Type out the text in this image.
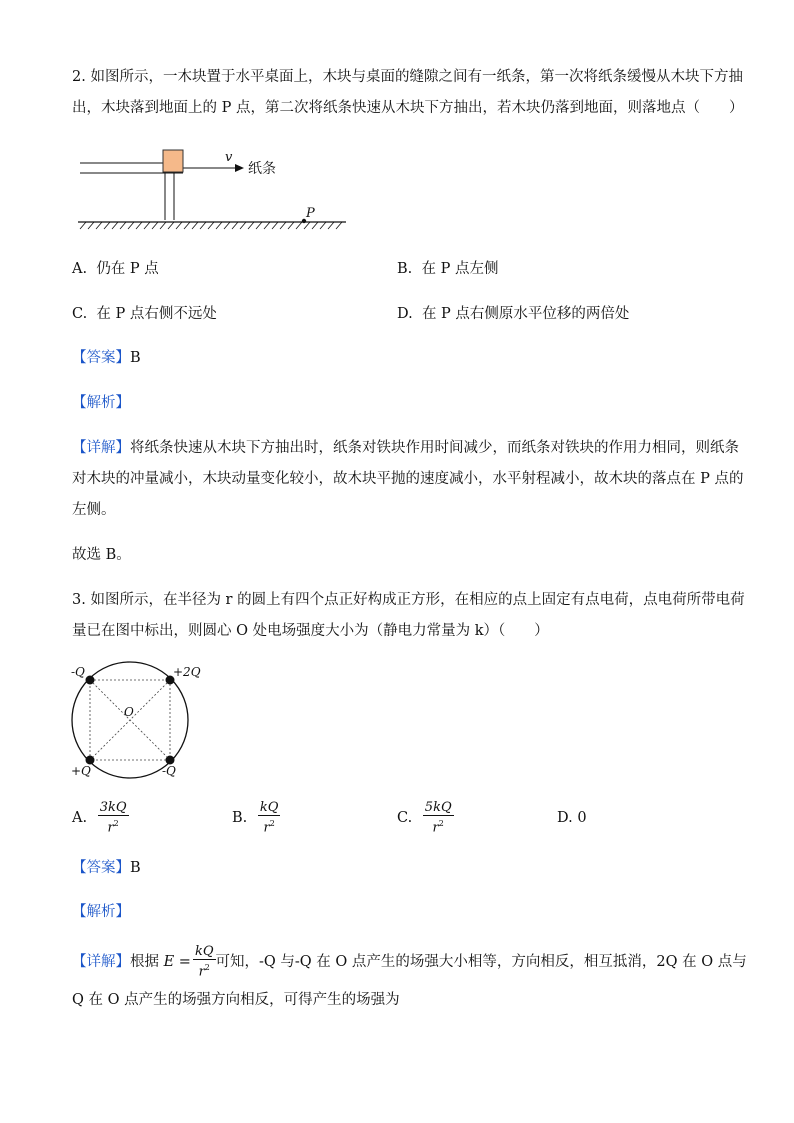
2. 如图所示，一木块置于水平桌面上，木块与桌面的缝隙之间有一纸条，第一次将纸条缓慢从木块下方抽
出，木块落到地面上的 P 点，第二次将纸条快速从木块下方抽出，若木块仍落到地面，则落地点（　　）
v
纸条
P
A. 仍在 P 点	B. 在 P 点左侧
C. 在 P 点右侧不远处	D. 在 P 点右侧原水平位移的两倍处
【答案】B
【解析】
【详解】将纸条快速从木块下方抽出时，纸条对铁块作用时间减少，而纸条对铁块的作用力相同，则纸条
对木块的冲量减小，木块动量变化较小，故木块平抛的速度减小，水平射程减小，故木块的落点在 P 点的
左侧。
故选 B。
3. 如图所示，在半径为 r 的圆上有四个点正好构成正方形，在相应的点上固定有点电荷，点电荷所带电荷
量已在图中标出，则圆心 O 处电场强度大小为（静电力常量为 k）（　　）
-Q	+2Q
+Q	-Q
O
A. $\frac{3kQ}{r^2}$	B. $\frac{kQ}{r^2}$	C. $\frac{5kQ}{r^2}$	D. 0
【答案】B
【解析】
【详解】根据 $E = \frac{kQ}{r^2}$ 可知，-Q 与-Q 在 O 点产生的场强大小相等，方向相反，相互抵消，2Q 在 O 点与
Q 在 O 点产生的场强方向相反，可得产生的场强为
